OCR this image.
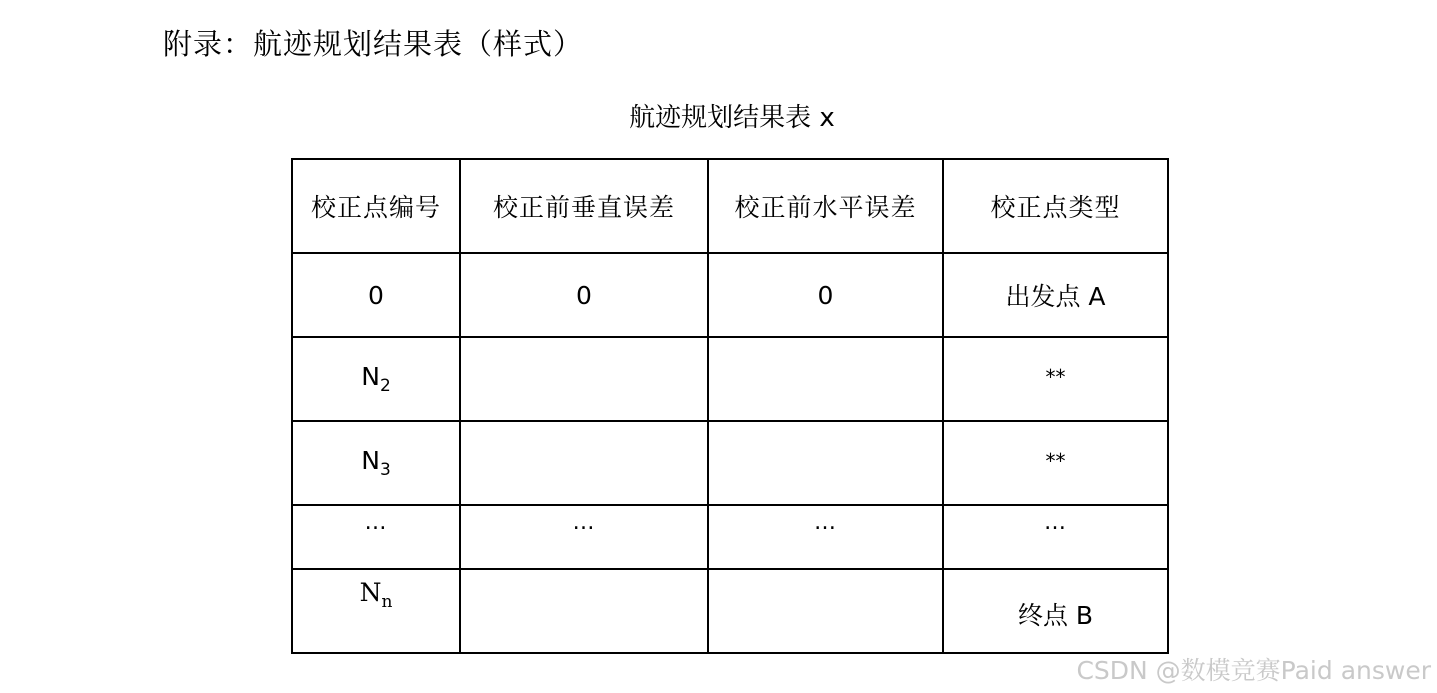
附录：航迹规划结果表（样式）
航迹规划结果表 x
校正点编号	校正前垂直误差	校正前水平误差	校正点类型
0	0	0	出发点 A
$N_2$			**
$N_3$			**

…	…	…	…

$N_n$			终点 B
CSDN @数模竞赛Paid answer
